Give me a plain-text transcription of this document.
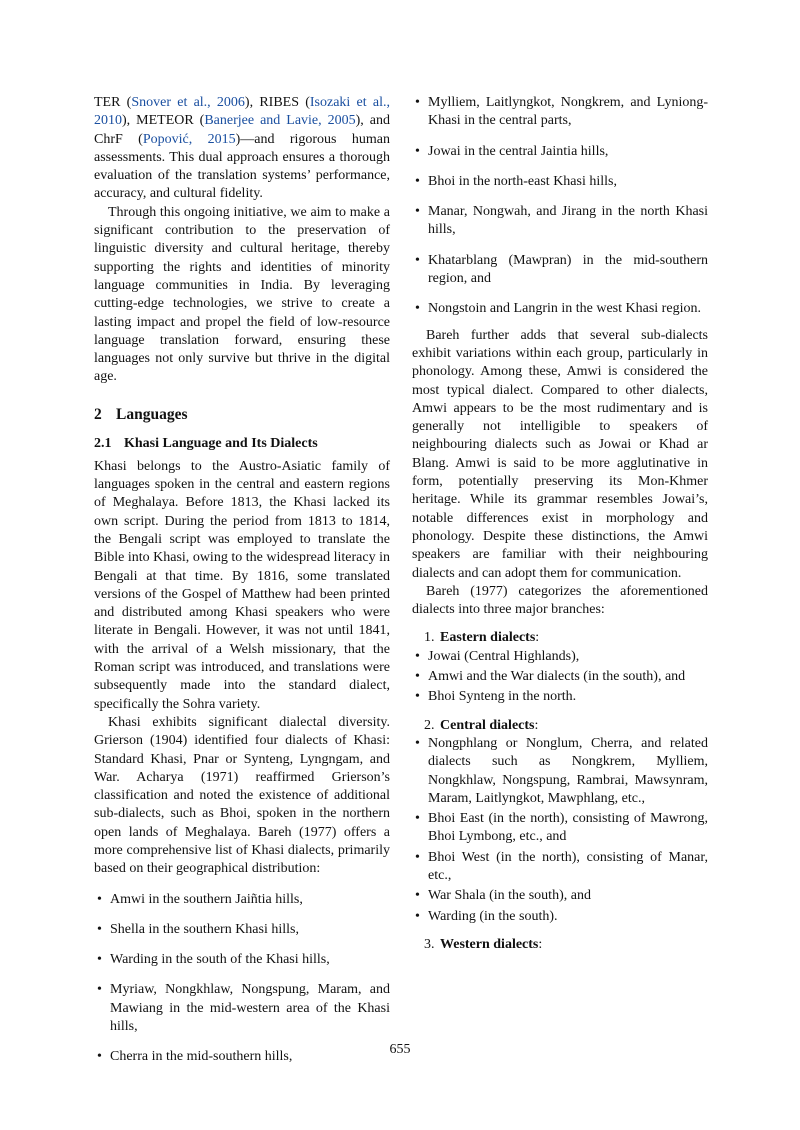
TER (Snover et al., 2006), RIBES (Isozaki et al., 2010), METEOR (Banerjee and Lavie, 2005), and ChrF (Popović, 2015)—and rigorous human assessments. This dual approach ensures a thorough evaluation of the translation systems’ performance, accuracy, and cultural fidelity.

Through this ongoing initiative, we aim to make a significant contribution to the preservation of linguistic diversity and cultural heritage, thereby supporting the rights and identities of minority language communities in India. By leveraging cutting-edge technologies, we strive to create a lasting impact and propel the field of low-resource language translation forward, ensuring these languages not only survive but thrive in the digital age.

2 Languages
2.1 Khasi Language and Its Dialects

Khasi belongs to the Austro-Asiatic family of languages spoken in the central and eastern regions of Meghalaya. Before 1813, the Khasi lacked its own script. During the period from 1813 to 1814, the Bengali script was employed to translate the Bible into Khasi, owing to the widespread literacy in Bengali at that time. By 1816, some translated versions of the Gospel of Matthew had been printed and distributed among Khasi speakers who were literate in Bengali. However, it was not until 1841, with the arrival of a Welsh missionary, that the Roman script was introduced, and translations were subsequently made into the standard dialect, specifically the Sohra variety.

Khasi exhibits significant dialectal diversity. Grierson (1904) identified four dialects of Khasi: Standard Khasi, Pnar or Synteng, Lyngngam, and War. Acharya (1971) reaffirmed Grierson’s classification and noted the existence of additional sub-dialects, such as Bhoi, spoken in the northern open lands of Meghalaya. Bareh (1977) offers a more comprehensive list of Khasi dialects, primarily based on their geographical distribution:

• Amwi in the southern Jaiñtia hills,
• Shella in the southern Khasi hills,
• Warding in the south of the Khasi hills,
• Myriaw, Nongkhlaw, Nongspung, Maram, and Mawiang in the mid-western area of the Khasi hills,
• Cherra in the mid-southern hills,
• Mylliem, Laitlyngkot, Nongkrem, and Lyniong-Khasi in the central parts,
• Jowai in the central Jaintia hills,
• Bhoi in the north-east Khasi hills,
• Manar, Nongwah, and Jirang in the north Khasi hills,
• Khatarblang (Mawpran) in the mid-southern region, and
• Nongstoin and Langrin in the west Khasi region.

Bareh further adds that several sub-dialects exhibit variations within each group, particularly in phonology. Among these, Amwi is considered the most typical dialect. Compared to other dialects, Amwi appears to be the most rudimentary and is generally not intelligible to speakers of neighbouring dialects such as Jowai or Khad ar Blang. Amwi is said to be more agglutinative in form, potentially preserving its Mon-Khmer heritage. While its grammar resembles Jowai’s, notable differences exist in morphology and phonology. Despite these distinctions, the Amwi speakers are familiar with their neighbouring dialects and can adopt them for communication.

Bareh (1977) categorizes the aforementioned dialects into three major branches:

1. Eastern dialects:
• Jowai (Central Highlands),
• Amwi and the War dialects (in the south), and
• Bhoi Synteng in the north.
2. Central dialects:
• Nongphlang or Nonglum, Cherra, and related dialects such as Nongkrem, Mylliem, Nongkhlaw, Nongspung, Rambrai, Mawsynram, Maram, Laitlyngkot, Mawphlang, etc.,
• Bhoi East (in the north), consisting of Mawrong, Bhoi Lymbong, etc., and
• Bhoi West (in the north), consisting of Manar, etc.,
• War Shala (in the south), and
• Warding (in the south).
3. Western dialects:
655
